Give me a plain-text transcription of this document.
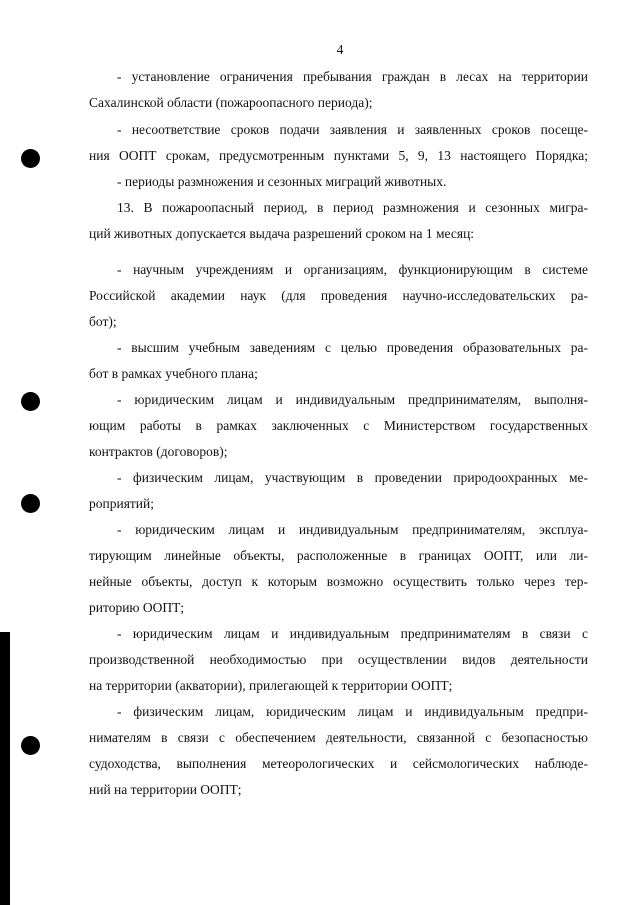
4
- установление ограничения пребывания граждан в лесах на территории
Сахалинской области (пожароопасного периода);
- несоответствие сроков подачи заявления и заявленных сроков посеще-
ния ООПТ срокам, предусмотренным пунктами 5, 9, 13 настоящего Порядка;
- периоды размножения и сезонных миграций животных.
13. В пожароопасный период, в период размножения и сезонных мигра-
ций животных допускается выдача разрешений сроком на 1 месяц:
- научным учреждениям и организациям, функционирующим в системе
Российской академии наук (для проведения научно-исследовательских ра-
бот);
- высшим учебным заведениям с целью проведения образовательных ра-
бот в рамках учебного плана;
- юридическим лицам и индивидуальным предпринимателям, выполня-
ющим работы в рамках заключенных с Министерством государственных
контрактов (договоров);
- физическим лицам, участвующим в проведении природоохранных ме-
роприятий;
- юридическим лицам и индивидуальным предпринимателям, эксплуа-
тирующим линейные объекты, расположенные в границах ООПТ, или ли-
нейные объекты, доступ к которым возможно осуществить только через тер-
риторию ООПТ;
- юридическим лицам и индивидуальным предпринимателям в связи с
производственной необходимостью при осуществлении видов деятельности
на территории (акватории), прилегающей к территории ООПТ;
- физическим лицам, юридическим лицам и индивидуальным предпри-
нимателям в связи с обеспечением деятельности, связанной с безопасностью
судоходства, выполнения метеорологических и сейсмологических наблюде-
ний на территории ООПТ;
